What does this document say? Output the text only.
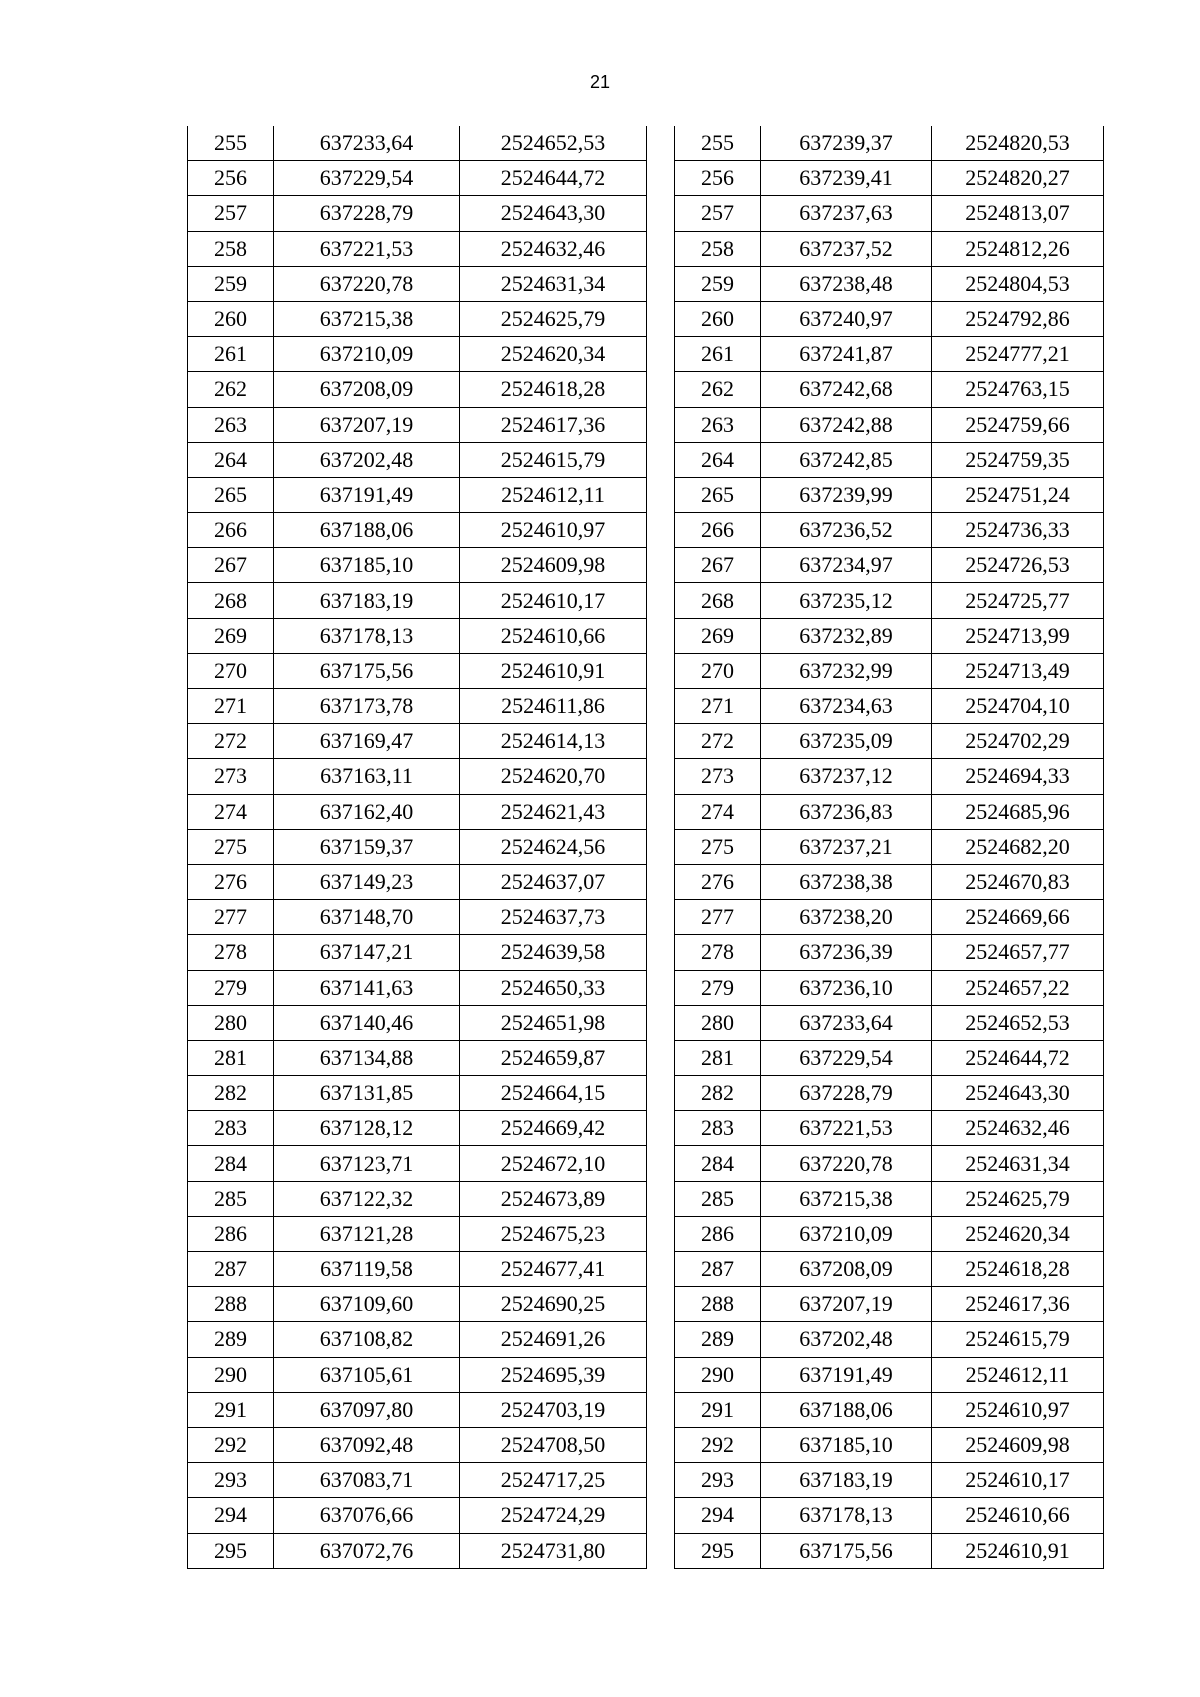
21
255	637233,64	2524652,53
256	637229,54	2524644,72
257	637228,79	2524643,30
258	637221,53	2524632,46
259	637220,78	2524631,34
260	637215,38	2524625,79
261	637210,09	2524620,34
262	637208,09	2524618,28
263	637207,19	2524617,36
264	637202,48	2524615,79
265	637191,49	2524612,11
266	637188,06	2524610,97
267	637185,10	2524609,98
268	637183,19	2524610,17
269	637178,13	2524610,66
270	637175,56	2524610,91
271	637173,78	2524611,86
272	637169,47	2524614,13
273	637163,11	2524620,70
274	637162,40	2524621,43
275	637159,37	2524624,56
276	637149,23	2524637,07
277	637148,70	2524637,73
278	637147,21	2524639,58
279	637141,63	2524650,33
280	637140,46	2524651,98
281	637134,88	2524659,87
282	637131,85	2524664,15
283	637128,12	2524669,42
284	637123,71	2524672,10
285	637122,32	2524673,89
286	637121,28	2524675,23
287	637119,58	2524677,41
288	637109,60	2524690,25
289	637108,82	2524691,26
290	637105,61	2524695,39
291	637097,80	2524703,19
292	637092,48	2524708,50
293	637083,71	2524717,25
294	637076,66	2524724,29
295	637072,76	2524731,80
255	637239,37	2524820,53
256	637239,41	2524820,27
257	637237,63	2524813,07
258	637237,52	2524812,26
259	637238,48	2524804,53
260	637240,97	2524792,86
261	637241,87	2524777,21
262	637242,68	2524763,15
263	637242,88	2524759,66
264	637242,85	2524759,35
265	637239,99	2524751,24
266	637236,52	2524736,33
267	637234,97	2524726,53
268	637235,12	2524725,77
269	637232,89	2524713,99
270	637232,99	2524713,49
271	637234,63	2524704,10
272	637235,09	2524702,29
273	637237,12	2524694,33
274	637236,83	2524685,96
275	637237,21	2524682,20
276	637238,38	2524670,83
277	637238,20	2524669,66
278	637236,39	2524657,77
279	637236,10	2524657,22
280	637233,64	2524652,53
281	637229,54	2524644,72
282	637228,79	2524643,30
283	637221,53	2524632,46
284	637220,78	2524631,34
285	637215,38	2524625,79
286	637210,09	2524620,34
287	637208,09	2524618,28
288	637207,19	2524617,36
289	637202,48	2524615,79
290	637191,49	2524612,11
291	637188,06	2524610,97
292	637185,10	2524609,98
293	637183,19	2524610,17
294	637178,13	2524610,66
295	637175,56	2524610,91
